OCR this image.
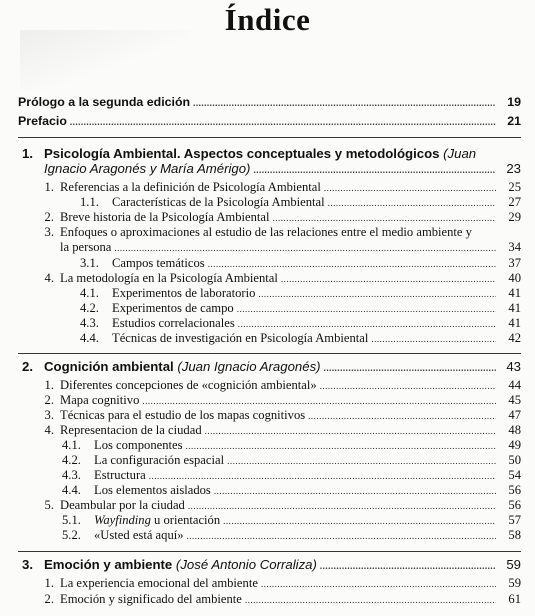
Índice
Prólogo a la segunda edición .....	19
Prefacio .....	21
1. Psicología Ambiental. Aspectos conceptuales y metodológicos (Juan
Ignacio Aragonés y María Amérigo) .....	23
1. Referencias a la definición de Psicología Ambiental .....	25
1.1. Características de la Psicología Ambiental .....	27
2. Breve historia de la Psicología Ambiental .....	29
3. Enfoques o aproximaciones al estudio de las relaciones entre el medio ambiente y
la persona .....	34
3.1. Campos temáticos .....	37
4. La metodología en la Psicología Ambiental .....	40
4.1. Experimentos de laboratorio .....	41
4.2. Experimentos de campo .....	41
4.3. Estudios correlacionales .....	41
4.4. Técnicas de investigación en Psicología Ambiental .....	42
2. Cognición ambiental (Juan Ignacio Aragonés) .....	43
1. Diferentes concepciones de «cognición ambiental» .....	44
2. Mapa cognitivo .....	45
3. Técnicas para el estudio de los mapas cognitivos .....	47
4. Representacion de la ciudad .....	48
4.1. Los componentes .....	49
4.2. La configuración espacial .....	50
4.3. Estructura .....	54
4.4. Los elementos aislados .....	56
5. Deambular por la ciudad .....	56
5.1. Wayfinding u orientación .....	57
5.2. «Usted está aquí» .....	58
3. Emoción y ambiente (José Antonio Corraliza) .....	59
1. La experiencia emocional del ambiente .....	59
2. Emoción y significado del ambiente .....	61
